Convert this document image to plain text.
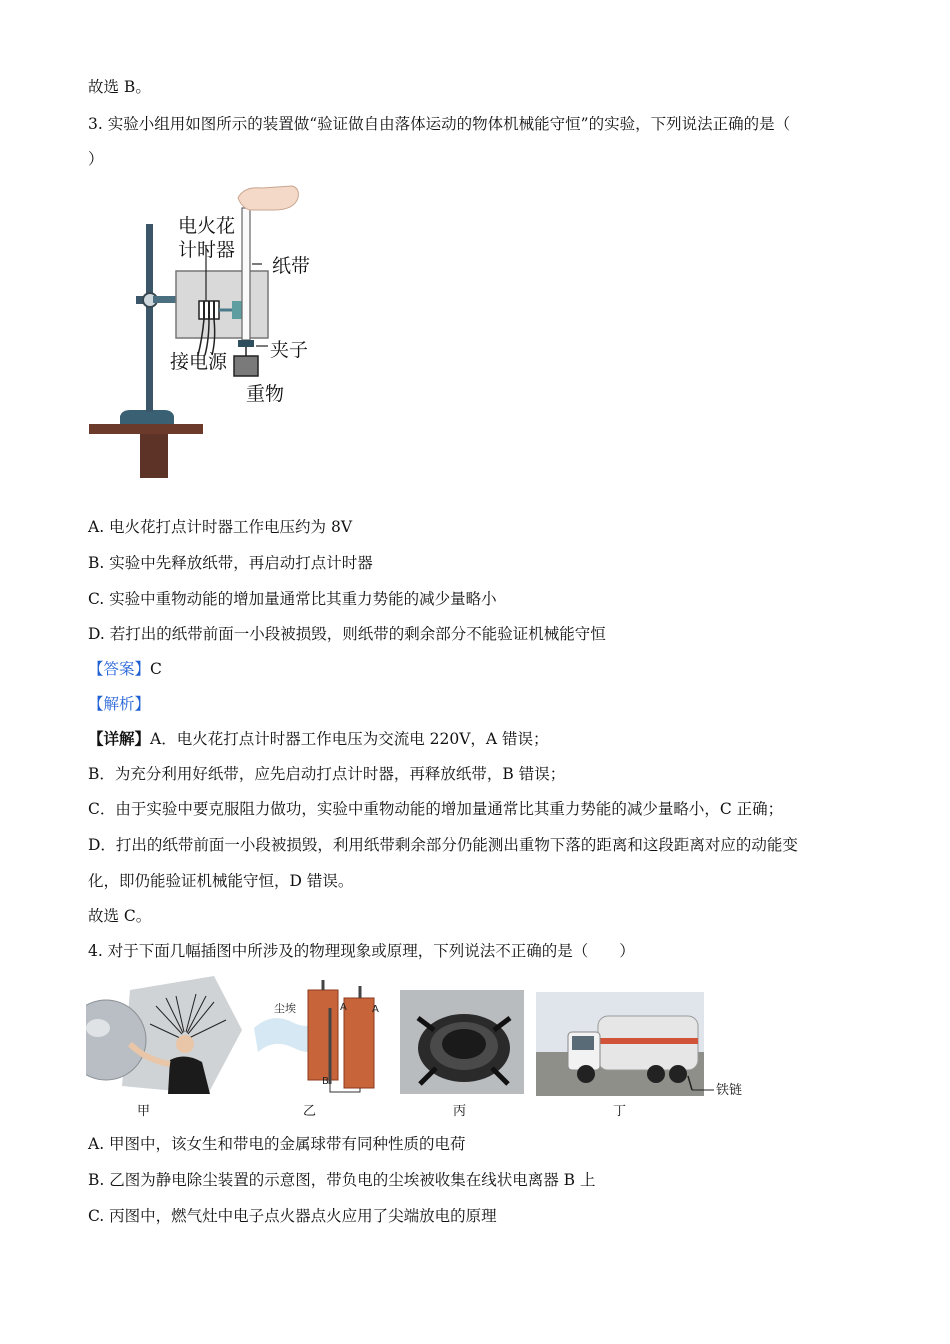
故选 B。
3. 实验小组用如图所示的装置做“验证做自由落体运动的物体机械能守恒”的实验，下列说法正确的是（
）
电火花
计时器
纸带
接电源
夹子
重物
A. 电火花打点计时器工作电压约为 8V
B. 实验中先释放纸带，再启动打点计时器
C. 实验中重物动能的增加量通常比其重力势能的减少量略小
D. 若打出的纸带前面一小段被损毁，则纸带的剩余部分不能验证机械能守恒
【答案】C
【解析】
【详解】A．电火花打点计时器工作电压为交流电 220V，A 错误；
B．为充分利用好纸带，应先启动打点计时器，再释放纸带，B 错误；
C．由于实验中要克服阻力做功，实验中重物动能的增加量通常比其重力势能的减少量略小，C 正确；
D．打出的纸带前面一小段被损毁，利用纸带剩余部分仍能测出重物下落的距离和这段距离对应的动能变
化，即仍能验证机械能守恒，D 错误。
故选 C。
4. 对于下面几幅插图中所涉及的物理现象或原理，下列说法不正确的是（　　）
甲
尘埃	A	A
B
乙	丙
铁链
丁
A. 甲图中，该女生和带电的金属球带有同种性质的电荷
B. 乙图为静电除尘装置的示意图，带负电的尘埃被收集在线状电离器 B 上
C. 丙图中，燃气灶中电子点火器点火应用了尖端放电的原理
